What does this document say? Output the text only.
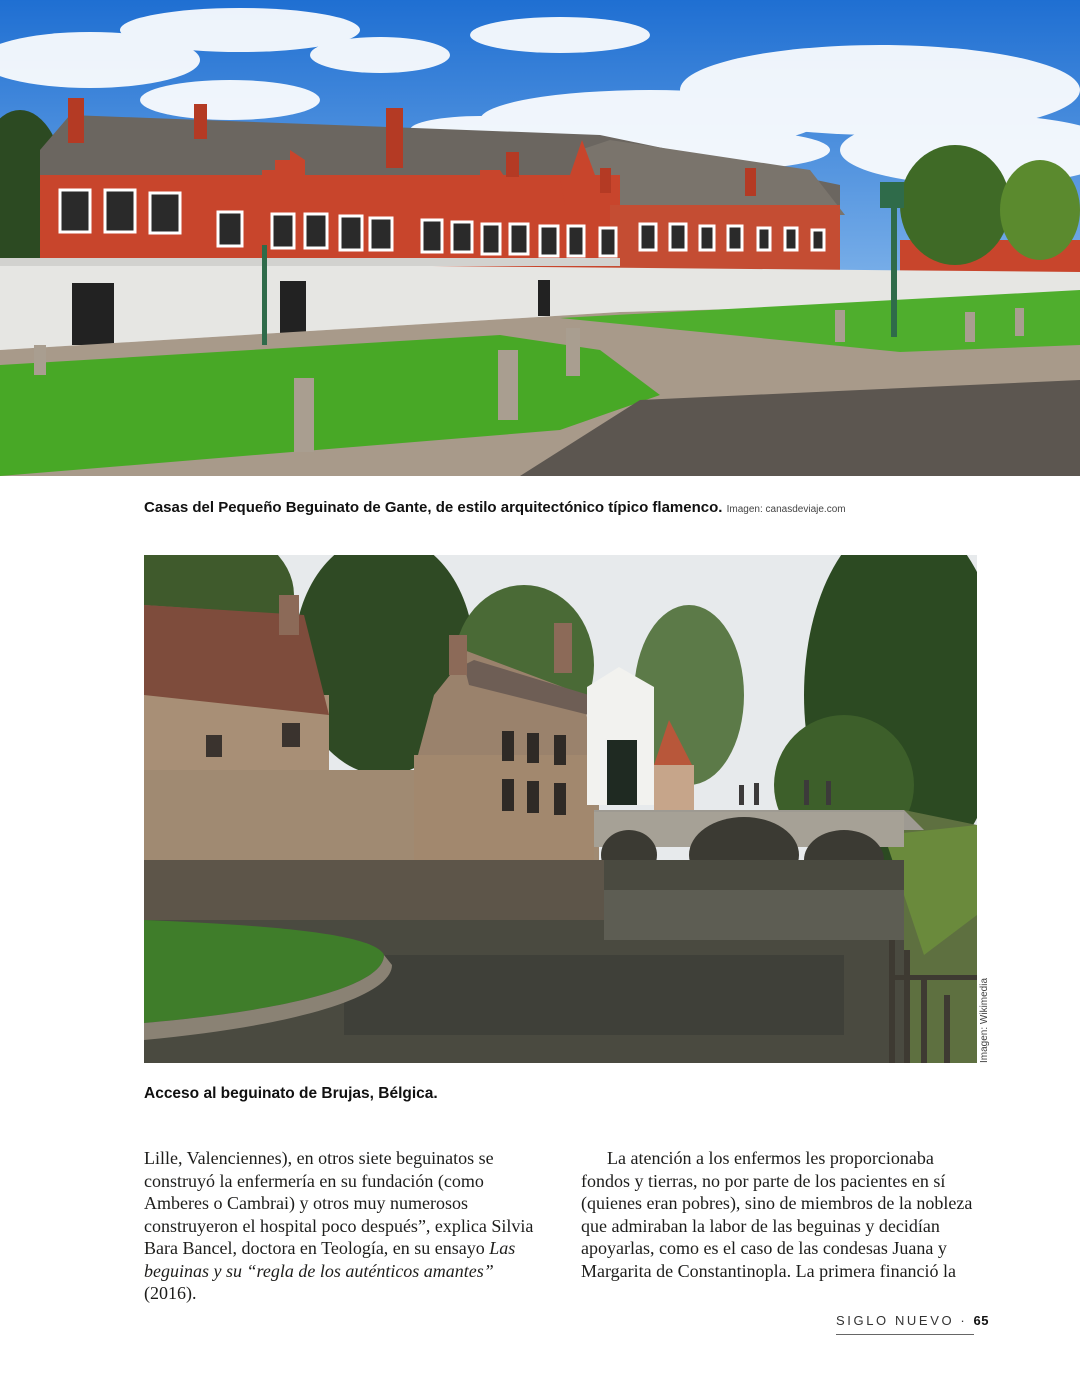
Casas del Pequeño Beguinato de Gante, de estilo arquitectónico típico flamenco. Imagen: canasdeviaje.com
Imagen: Wikimedia
Acceso al beguinato de Brujas, Bélgica.

Lille, Valenciennes), en otros siete beguinatos se construyó la enfermería en su fundación (como Amberes o Cambrai) y otros muy numerosos construyeron el hospital poco después”, explica Silvia Bara Bancel, doctora en Teología, en su ensayo Las beguinas y su “regla de los auténticos amantes” (2016).

La atención a los enfermos les proporcionaba fondos y tierras, no por parte de los pacientes en sí (quienes eran pobres), sino de miembros de la nobleza que admiraban la labor de las beguinas y decidían apoyarlas, como es el caso de las condesas Juana y Margarita de Constantinopla. La primera financió la

SIGLO NUEVO · 65
